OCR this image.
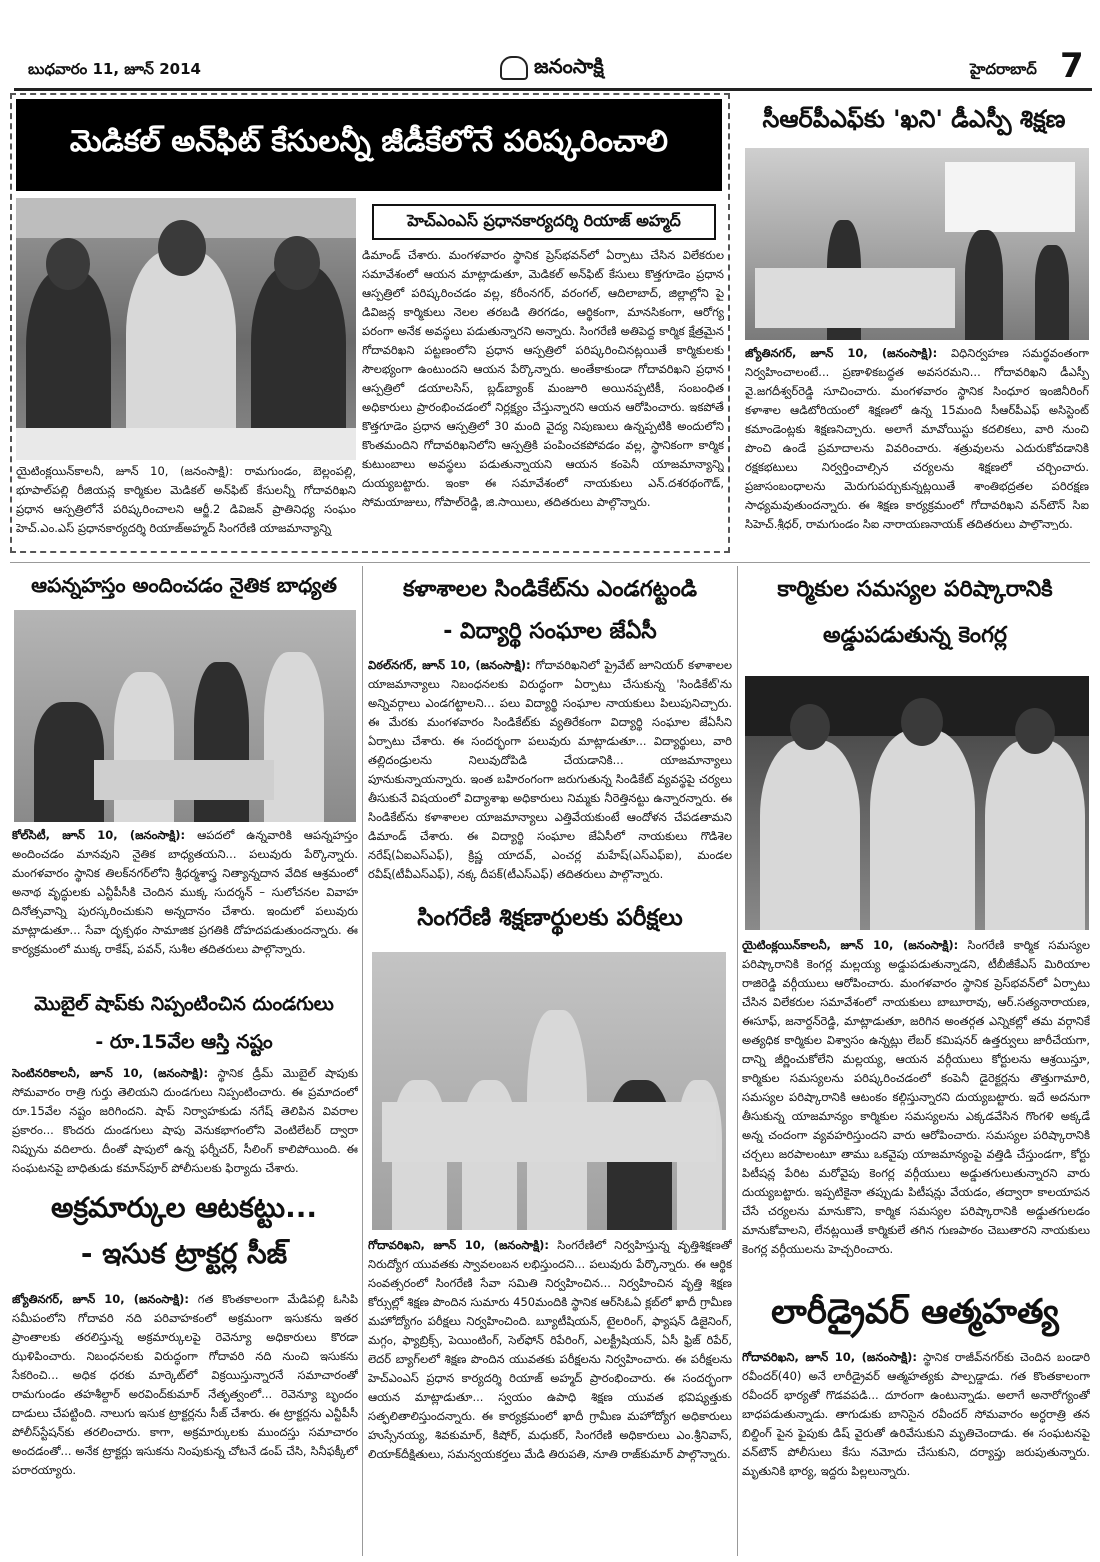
బుధవారం 11, జూన్ 2014	జనంసాక్షి	హైదరాబాద్ 7
మెడికల్ అన్‌ఫిట్ కేసులన్నీ జీడీకేలోనే పరిష్కరించాలి
హెచ్ఎంఎస్ ప్రధానకార్యదర్శి రియాజ్ అహ్మద్
యైటింక్లయిన్‌కాలనీ, జూన్ 10, (జనంసాక్షి): రామగుండం, బెల్లంపల్లి, భూపాల్‌పల్లి రీజియన్ల కార్మికుల మెడికల్ అన్‌ఫిట్ కేసులన్నీ గోదావరిఖని ప్రధాన ఆస్పత్రిలోనే పరిష్కరించాలని ఆర్జీ.2 డివిజన్ ప్రాతినిధ్య సంఘం హెచ్.ఎం.ఎస్ ప్రధానకార్యదర్శి రియాజ్‌అహ్మద్ సింగరేణి యాజమాన్యాన్ని
డిమాండ్ చేశారు. మంగళవారం స్థానిక ప్రెస్‌భవన్‌లో ఏర్పాటు చేసిన విలేకరుల సమావేశంలో ఆయన మాట్లాడుతూ, మెడికల్ అన్‌ఫిట్ కేసులు కొత్తగూడెం ప్రధాన ఆస్పత్రిలో పరిష్కరించడం వల్ల, కరీంనగర్, వరంగల్, ఆదిలాబాద్, జిల్లాల్లోని పై డివిజన్ల కార్మికులు నెలల తరబడి తిరగడం, ఆర్థికంగా, మానసికంగా, ఆరోగ్య పరంగా అనేక అవస్థలు పడుతున్నారని అన్నారు. సింగరేణి అతిపెద్ద కార్మిక క్షేత్రమైన గోదావరిఖని పట్టణంలోని ప్రధాన ఆస్పత్రిలో పరిష్కరించినట్లయితే కార్మికులకు సౌలభ్యంగా ఉంటుందని ఆయన పేర్కొన్నారు. అంతేకాకుండా గోదావరిఖని ప్రధాన ఆస్పత్రిలో డయాలసిస్, బ్లడ్‌బ్యాంక్ మంజూరి అయినప్పటికీ, సంబంధిత అధికారులు ప్రారంభించడంలో నిర్లక్ష్యం చేస్తున్నారని ఆయన ఆరోపించారు. ఇకపోతే కొత్తగూడెం ప్రధాన ఆస్పత్రిలో 30 మంది వైద్య నిపుణులు ఉన్నప్పటికి అందులోని కొంతమందిని గోదావరిఖనిలోని ఆస్పత్రికి పంపించకపోవడం వల్ల, స్థానికంగా కార్మిక కుటుంబాలు అవస్థలు పడుతున్నాయని ఆయన కంపెనీ యాజమాన్యాన్ని దుయ్యబట్టారు. ఇంకా ఈ సమావేశంలో నాయకులు ఎన్.దశరథంగౌడ్, సోమయాజులు, గోపాల్‌రెడ్డి, జి.సాయిలు, తదితరులు పాల్గొన్నారు.
సీఆర్‌పీఎఫ్‌కు 'ఖని' డీఎస్పీ శిక్షణ
జ్యోతినగర్, జూన్ 10, (జనంసాక్షి): విధినిర్వహణ సమర్థవంతంగా నిర్వహించాలంటే... ప్రణాళికబద్ధత అవసరమని... గోదావరిఖని డీఎస్పీ వై.జగదీశ్వర్‌రెడ్డి సూచించారు. మంగళవారం స్థానిక సింధూర ఇంజినీరింగ్ కళాశాల ఆడిటోరియంలో శిక్షణలో ఉన్న 15మంది సీఆర్‌పీఎఫ్ అసిస్టెంట్ కమాండెంట్లకు శిక్షణనిచ్చారు. అలాగే మావోయిస్టు కదలికలు, వారి నుంచి పొంచి ఉండే ప్రమాదాలను వివరించారు. శత్రువులను ఎదురుకోవడానికి రక్షకభటులు నిర్వర్తించాల్సిన చర్యలను శిక్షణలో చర్చించారు. ప్రజాసంబంధాలను మెరుగుపర్చుకున్నట్లయితే శాంతిభద్రతల పరిరక్షణ సాధ్యమవుతుందన్నారు. ఈ శిక్షణ కార్యక్రమంలో గోదావరిఖని వన్‌టౌన్ సిఐ సిహెచ్.శ్రీధర్, రామగుండం సిఐ నారాయణనాయక్ తదితరులు పాల్గొన్నారు.
ఆపన్నహస్తం అందించడం నైతిక బాధ్యత
కోల్‌సిటీ, జూన్ 10, (జనంసాక్షి): ఆపదలో ఉన్నవారికి ఆపన్నహస్తం అందించడం మానవుని నైతిక బాధ్యతయని... పలువురు పేర్కొన్నారు. మంగళవారం స్థానిక తిలక్‌నగర్‌లోని శ్రీధర్మశాస్త్ర నిత్యాన్నదాన వేదిక ఆశ్రమంలో అనాథ వృద్ధులకు ఎన్టీపీసీకి చెందిన ముక్క సుదర్శన్ – సులోచనల వివాహ దినోత్సవాన్ని పురస్కరించుకుని అన్నదానం చేశారు. ఇందులో పలువురు మాట్లాడుతూ... సేవా దృక్పథం సామాజిక ప్రగతికి దోహదపడుతుందన్నారు. ఈ కార్యక్రమంలో ముక్క రాకేష్, పవన్, సుశీల తదితరులు పాల్గొన్నారు.
మొబైల్ షాప్‌కు నిప్పంటించిన దుండగులు
- రూ.15వేల ఆస్తి నష్టం
సెంటినరికాలనీ, జూన్ 10, (జనంసాక్షి): స్థానిక డ్రీమ్ మొబైల్ షాపుకు సోమవారం రాత్రి గుర్తు తెలియని దుండగులు నిప్పంటించారు. ఈ ప్రమాదంలో రూ.15వేల నష్టం జరిగిందని. షాప్ నిర్వాహకుడు నగేష్ తెలిపిన వివరాల ప్రకారం... కొందరు దుండగులు షాపు వెనుకభాగంలోని వెంటిలేటర్ ద్వారా నిప్పును వదిలారు. దీంతో షాపులో ఉన్న ఫర్నీచర్, సీలింగ్ కాలిపోయింది. ఈ సంఘటనపై బాధితుడు కమాన్‌పూర్ పోలీసులకు ఫిర్యాదు చేశారు.
అక్రమార్కుల ఆటకట్టు...
- ఇసుక ట్రాక్టర్ల సీజ్
జ్యోతినగర్, జూన్ 10, (జనంసాక్షి): గత కొంతకాలంగా మేడిపల్లి ఓసిపి సమీపంలోని గోదావరి నది పరివాహకంలో అక్రమంగా ఇసుకను ఇతర ప్రాంతాలకు తరలిస్తున్న అక్రమార్కులపై రెవెన్యూ అధికారులు కొరడా ఝళిపించారు. నిబంధనలకు విరుద్ధంగా గోదావరి నది నుంచి ఇసుకను సేకరించి... అధిక ధరకు మార్కెట్‌లో విక్రయిస్తున్నారనే సమాచారంతో రామగుండం తహశీల్దార్ అరవింద్‌కుమార్ నేతృత్వంలో... రెవెన్యూ బృందం దాడులు చేపట్టింది. నాలుగు ఇసుక ట్రాక్టర్లను సీజ్ చేశారు. ఈ ట్రాక్టర్లను ఎన్టీపీసీ పోలీస్‌స్టేషన్‌కు తరలించారు. కాగా, అక్రమార్కులకు ముందస్తు సమాచారం అందడంతో... అనేక ట్రాక్టర్లు ఇసుకను నింపుకున్న చోటనే డంప్ చేసి, సినీఫక్కీలో పరారయ్యారు.
కళాశాలల సిండికేట్‌ను ఎండగట్టండి
- విద్యార్థి సంఘాల జేఏసీ
విఠల్‌నగర్, జూన్ 10, (జనంసాక్షి): గోదావరిఖనిలో ప్రైవేట్ జూనియర్ కళాశాలల యాజమాన్యాలు నిబంధనలకు విరుద్ధంగా ఏర్పాటు చేసుకున్న 'సిండికేట్'ను అన్నివర్గాలు ఎండగట్టాలని... పలు విద్యార్థి సంఘాల నాయకులు పిలుపునిచ్చారు. ఈ మేరకు మంగళవారం సిండికేట్‌కు వ్యతిరేకంగా విద్యార్థి సంఘాల జేఏసీని ఏర్పాటు చేశారు. ఈ సందర్భంగా పలువురు మాట్లాడుతూ... విద్యార్థులు, వారి తల్లిదండ్రులను నిలువుదోపిడి చేయడానికి... యాజమాన్యాలు పూనుకున్నాయన్నారు. ఇంత బహిరంగంగా జరుగుతున్న సిండికేట్ వ్యవస్థపై చర్యలు తీసుకునే విషయంలో విద్యాశాఖ అధికారులు నిమ్మకు నీరెత్తినట్టు ఉన్నారన్నారు. ఈ సిండికేట్‌ను కళాశాలల యాజమాన్యాలు ఎత్తివేయకుంటే ఆందోళన చేపడతామని డిమాండ్ చేశారు. ఈ విద్యార్థి సంఘాల జేఏసీలో నాయకులు గొడిశెల నరేష్(ఏఐఎస్ఎఫ్), క్రిష్ణ యాదవ్, ఎంచర్ల మహేష్(ఎస్ఎఫ్ఐ), మండల రవీష్(టీవీఎస్ఎఫ్), నక్క దీపక్(టీఎస్ఎఫ్) తదితరులు పాల్గొన్నారు.
సింగరేణి శిక్షణార్థులకు పరీక్షలు
గోదావరిఖని, జూన్ 10, (జనంసాక్షి): సింగరేణిలో నిర్వహిస్తున్న వృత్తిశిక్షణతో నిరుద్యోగ యువతకు స్వావలంబన లభిస్తుందని... పలువురు పేర్కొన్నారు. ఈ ఆర్థిక సంవత్సరంలో సింగరేణి సేవా సమితి నిర్వహించిన... నిర్వహించిన వృత్తి శిక్షణ కోర్సుల్లో శిక్షణ పొందిన సుమారు 450మందికి స్థానిక ఆర్‌సిఓఏ క్లబ్‌లో ఖాదీ గ్రామీణ మహోద్యోగం పరీక్షలు నిర్వహించింది. బ్యూటీషియన్, టైలరింగ్, ఫ్యాషన్ డిజైనింగ్, మగ్గం, ఫ్యాబ్రిక్స్, పెయింటింగ్, సెల్‌ఫోన్ రిపేరింగ్, ఎలక్ట్రీషియన్, ఏసీ ఫ్రిజ్ రిపేర్, లెదర్ బ్యాగ్‌లలో శిక్షణ పొందిన యువతకు పరీక్షలను నిర్వహించారు. ఈ పరీక్షలను హెచ్ఎంఎస్ ప్రధాన కార్యదర్శి రియాజ్ అహ్మద్ ప్రారంభించారు. ఈ సందర్భంగా ఆయన మాట్లాడుతూ... స్వయం ఉపాధి శిక్షణ యువత భవిష్యత్తుకు సత్ఫలితాలిస్తుందన్నారు. ఈ కార్యక్రమంలో ఖాదీ గ్రామీణ మహోద్యోగ అధికారులు హుస్సేనయ్య, శివకుమార్, కిషోర్, మధుకర్, సింగరేణి అధికారులు ఎం.శ్రీనివాస్, లియాక్‌దీక్షితులు, సమన్వయకర్తలు మేడి తిరుపతి, నూతి రాజ్‌కుమార్ పాల్గొన్నారు.
కార్మికుల సమస్యల పరిష్కారానికి
అడ్డుపడుతున్న కెంగర్ల
యైటింక్లయిన్‌కాలనీ, జూన్ 10, (జనంసాక్షి): సింగరేణి కార్మిక సమస్యల పరిష్కారానికి కెంగర్ల మల్లయ్య అడ్డుపడుతున్నాడని, టీబీజీకేఎస్ మిరియాల రాజిరెడ్డి వర్గీయులు ఆరోపించారు. మంగళవారం స్థానిక ప్రెస్‌భవన్‌లో ఏర్పాటు చేసిన విలేకరుల సమావేశంలో నాయకులు బాబూరావు, ఆర్.సత్యనారాయణ, ఈసూఫ్, జనార్దన్‌రెడ్డి, మాట్లాడుతూ, జరిగిన అంతర్గత ఎన్నికల్లో తమ వర్గానికే అత్యధిక కార్మికుల విశ్వాసం ఉన్నట్లు లేబర్ కమిషనర్ ఉత్తర్వులు జారీచేయగా, దాన్ని జీర్ణించుకోలేని మల్లయ్య, ఆయన వర్గీయులు కోర్టులను ఆశ్రయిస్తూ, కార్మికుల సమస్యలను పరిష్కరించడంలో కంపెనీ డైరెక్టర్లను తొత్తుగామారి, సమస్యల పరిష్కారానికి ఆటంకం కల్గిస్తున్నారని దుయ్యబట్టారు. ఇదే అదనుగా తీసుకున్న యాజమాన్యం కార్మికుల సమస్యలను ఎక్కడవేసిన గొంగళి అక్కడే అన్న చందంగా వ్యవహరిస్తుందని వారు ఆరోపించారు. సమస్యల పరిష్కారానికి చర్చలు జరపాలంటూ తాము ఒకవైపు యాజమాన్యంపై వత్తిడి చేస్తుండగా, కోర్టు పిటీషన్ల పేరిట మరోవైపు కెంగర్ల వర్గీయులు అడ్డుతగులుతున్నారని వారు దుయ్యబట్టారు. ఇప్పటికైనా తప్పుడు పిటీషన్లు వేయడం, తద్వారా కాలయాపన చేసే చర్యలను మానుకొని, కార్మిక సమస్యల పరిష్కారానికి అడ్డుతగులడం మానుకోవాలని, లేనట్లయితే కార్మికులే తగిన గుణపాఠం చెబుతారని నాయకులు కెంగర్ల వర్గీయులను హెచ్చరించారు.
లారీడ్రైవర్ ఆత్మహత్య
గోదావరిఖని, జూన్ 10, (జనంసాక్షి): స్థానిక రాజీవ్‌నగర్‌కు చెందిన బండారి రవీందర్(40) అనే లారీడ్రైవర్ ఆత్మహత్యకు పాల్పడ్డాడు. గత కొంతకాలంగా రవీందర్ భార్యతో గొడవపడి... దూరంగా ఉంటున్నాడు. అలాగే అనారోగ్యంతో బాధపడుతున్నాడు. తాగుడుకు బానిసైన రవీందర్ సోమవారం అర్ధరాత్రి తన బిల్డింగ్ పైన ఫైపుకు డిష్ వైరుతో ఉరివేసుకుని మృతిచెందాడు. ఈ సంఘటనపై వన్‌టౌన్ పోలీసులు కేసు నమోదు చేసుకుని, దర్యాప్తు జరుపుతున్నారు. మృతునికి భార్య, ఇద్దరు పిల్లలున్నారు.
